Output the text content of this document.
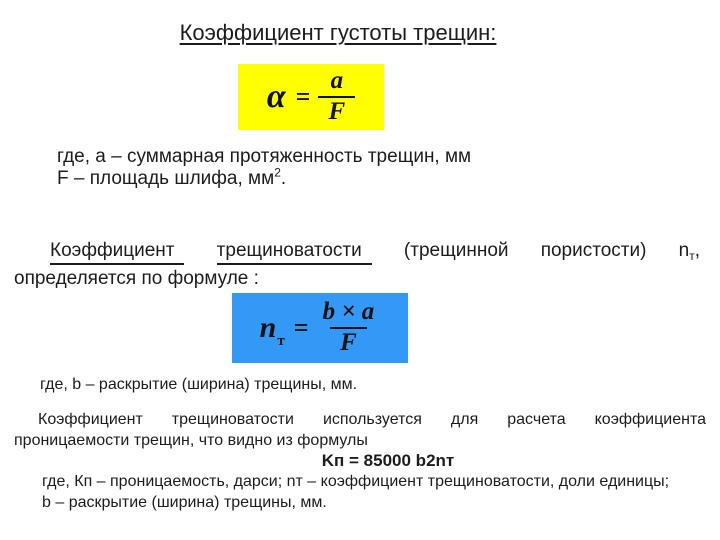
Коэффициент густоты трещин:
$\alpha = \frac{a}{F}$
где, а – суммарная протяженность трещин, мм
F – площадь шлифа, $мм^2$.
Коэффициент	трещиноватости	(трещинной пористости) $n_т$,
определяется по формуле :
$n_т = \frac{b \times a}{F}$
где, b – раскрытие (ширина) трещины, мм.
Коэффициент трещиноватости используется для расчета коэффициента
проницаемости трещин, что видно из формулы
Kп = 85000 b2nт
где, Кп – проницаемость, дарси; nт – коэффициент трещиноватости, доли единицы;
b – раскрытие (ширина) трещины, мм.
